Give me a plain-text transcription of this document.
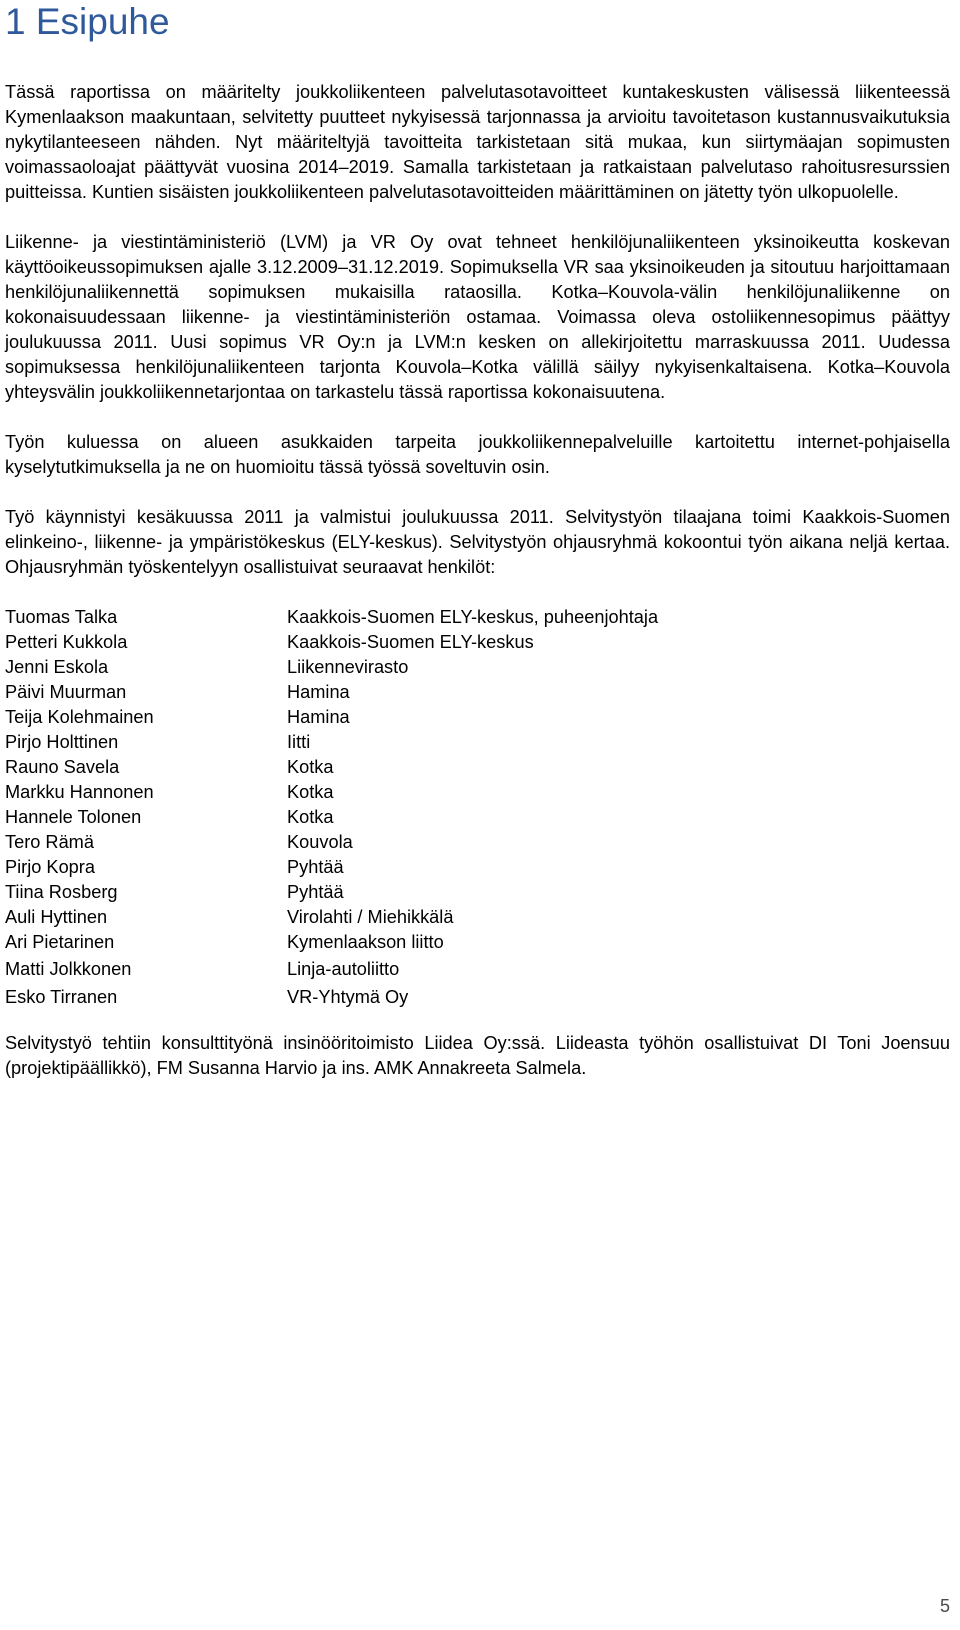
1 Esipuhe

Tässä raportissa on määritelty joukkoliikenteen palvelutasotavoitteet kuntakeskusten välisessä liikenteessä Kymenlaakson maakuntaan, selvitetty puutteet nykyisessä tarjonnassa ja arvioitu tavoitetason kustannusvaikutuksia nykytilanteeseen nähden. Nyt määriteltyjä tavoitteita tarkistetaan sitä mukaa, kun siirtymäajan sopimusten voimassaoloajat päättyvät vuosina 2014–2019. Samalla tarkistetaan ja ratkaistaan palvelutaso rahoitusresurssien puitteissa. Kuntien sisäisten joukkoliikenteen palvelutasotavoitteiden määrittäminen on jätetty työn ulkopuolelle.

Liikenne- ja viestintäministeriö (LVM) ja VR Oy ovat tehneet henkilöjunaliikenteen yksinoikeutta koskevan käyttöoikeussopimuksen ajalle 3.12.2009–31.12.2019. Sopimuksella VR saa yksinoikeuden ja sitoutuu harjoittamaan henkilöjunaliikennettä sopimuksen mukaisilla rataosilla. Kotka–Kouvola-välin henkilöjunaliikenne on kokonaisuudessaan liikenne- ja viestintäministeriön ostamaa. Voimassa oleva ostoliikennesopimus päättyy joulukuussa 2011. Uusi sopimus VR Oy:n ja LVM:n kesken on allekirjoitettu marraskuussa 2011. Uudessa sopimuksessa henkilöjunaliikenteen tarjonta Kouvola–Kotka välillä säilyy nykyisenkaltaisena. Kotka–Kouvola yhteysvälin joukkoliikennetarjontaa on tarkastelu tässä raportissa kokonaisuutena.

Työn kuluessa on alueen asukkaiden tarpeita joukkoliikennepalveluille kartoitettu internet-pohjaisella kyselytutkimuksella ja ne on huomioitu tässä työssä soveltuvin osin.

Työ käynnistyi kesäkuussa 2011 ja valmistui joulukuussa 2011. Selvitystyön tilaajana toimi Kaakkois-Suomen elinkeino-, liikenne- ja ympäristökeskus (ELY-keskus). Selvitystyön ohjausryhmä kokoontui työn aikana neljä kertaa. Ohjausryhmän työskentelyyn osallistuivat seuraavat henkilöt:

Tuomas Talka	Kaakkois-Suomen ELY-keskus, puheenjohtaja
Petteri Kukkola	Kaakkois-Suomen ELY-keskus
Jenni Eskola	Liikennevirasto
Päivi Muurman	Hamina
Teija Kolehmainen	Hamina
Pirjo Holttinen	Iitti
Rauno Savela	Kotka
Markku Hannonen	Kotka
Hannele Tolonen	Kotka
Tero Rämä	Kouvola
Pirjo Kopra	Pyhtää
Tiina Rosberg	Pyhtää
Auli Hyttinen	Virolahti / Miehikkälä
Ari Pietarinen	Kymenlaakson liitto
Matti Jolkkonen	Linja-autoliitto
Esko Tirranen	VR-Yhtymä Oy

Selvitystyö tehtiin konsulttityönä insinööritoimisto Liidea Oy:ssä. Liideasta työhön osallistuivat DI Toni Joensuu (projektipäällikkö), FM Susanna Harvio ja ins. AMK Annakreeta Salmela.

5
